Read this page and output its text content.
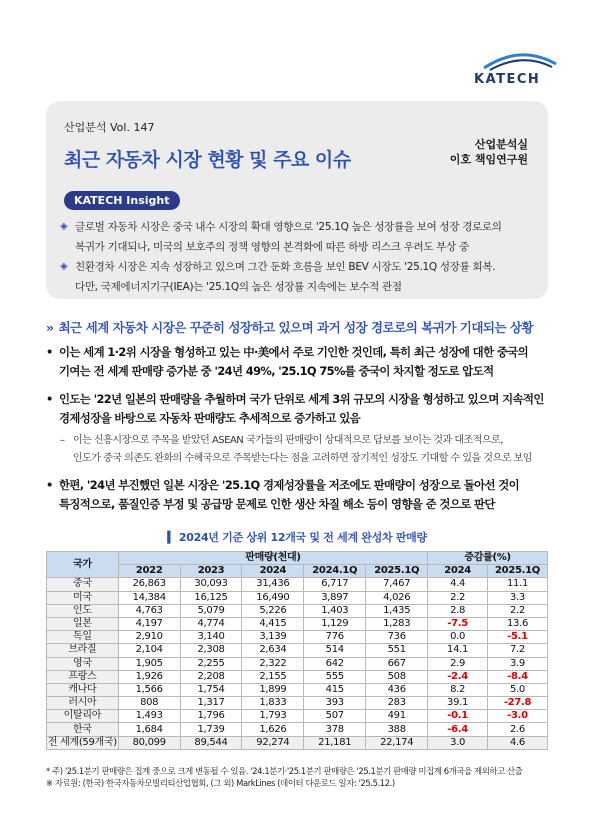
KATECH
산업분석 Vol. 147
최근 자동차 시장 현황 및 주요 이슈
산업분석실
이호 책임연구원
KATECH Insight
◈ 글로벌 자동차 시장은 중국 내수 시장의 확대 영향으로 '25.1Q 높은 성장률을 보여 성장 경로로의
복귀가 기대되나, 미국의 보호주의 정책 영향의 본격화에 따른 하방 리스크 우려도 부상 중
◈ 친환경차 시장은 지속 성장하고 있으며 그간 둔화 흐름을 보인 BEV 시장도 '25.1Q 성장률 회복.
다만, 국제에너지기구(IEA)는 '25.1Q의 높은 성장률 지속에는 보수적 관점
» 최근 세계 자동차 시장은 꾸준히 성장하고 있으며 과거 성장 경로로의 복귀가 기대되는 상황
• 이는 세계 1·2위 시장을 형성하고 있는 中·美에서 주로 기인한 것인데, 특히 최근 성장에 대한 중국의
기여는 전 세계 판매량 증가분 중 '24년 49%, '25.1Q 75%를 중국이 차지할 정도로 압도적
• 인도는 '22년 일본의 판매량을 추월하며 국가 단위로 세계 3위 규모의 시장을 형성하고 있으며 지속적인
경제성장을 바탕으로 자동차 판매량도 추세적으로 증가하고 있음
– 이는 신흥시장으로 주목을 받았던 ASEAN 국가들의 판매량이 상대적으로 답보를 보이는 것과 대조적으로,
인도가 중국 의존도 완화의 수혜국으로 주목받는다는 점을 고려하면 장기적인 성장도 기대할 수 있을 것으로 보임
• 한편, '24년 부진했던 일본 시장은 '25.1Q 경제성장률을 저조에도 판매량이 성장으로 돌아선 것이
특징적으로, 품질인증 부정 및 공급망 문제로 인한 생산 차질 해소 등이 영향을 준 것으로 판단
▍ 2024년 기준 상위 12개국 및 전 세계 완성차 판매량
국가	판매량(천대)					증감률(%)	
	2022	2023	2024	2024.1Q	2025.1Q	2024	2025.1Q
중국	26,863	30,093	31,436	6,717	7,467	4.4	11.1
미국	14,384	16,125	16,490	3,897	4,026	2.2	3.3
인도	4,763	5,079	5,226	1,403	1,435	2.8	2.2
일본	4,197	4,774	4,415	1,129	1,283	-7.5	13.6
독일	2,910	3,140	3,139	776	736	0.0	-5.1
브라질	2,104	2,308	2,634	514	551	14.1	7.2
영국	1,905	2,255	2,322	642	667	2.9	3.9
프랑스	1,926	2,208	2,155	555	508	-2.4	-8.4
캐나다	1,566	1,754	1,899	415	436	8.2	5.0
러시아	808	1,317	1,833	393	283	39.1	-27.8
이탈리아	1,493	1,796	1,793	507	491	-0.1	-3.0
한국	1,684	1,739	1,626	378	388	-6.4	2.6
전 세계(59개국)	80,099	89,544	92,274	21,181	22,174	3.0	4.6
* 주) '25.1분기 판매량은 집계 중으로 크게 변동될 수 있음. '24.1분기·'25.1분기 판매량은 '25.1분기 판매량 미집계 6개국을 제외하고 산출
※ 자료원: (한국) 한국자동차모빌리티산업협회, (그 외) MarkLines (데이터 다운로드 일자: '25.5.12.)
